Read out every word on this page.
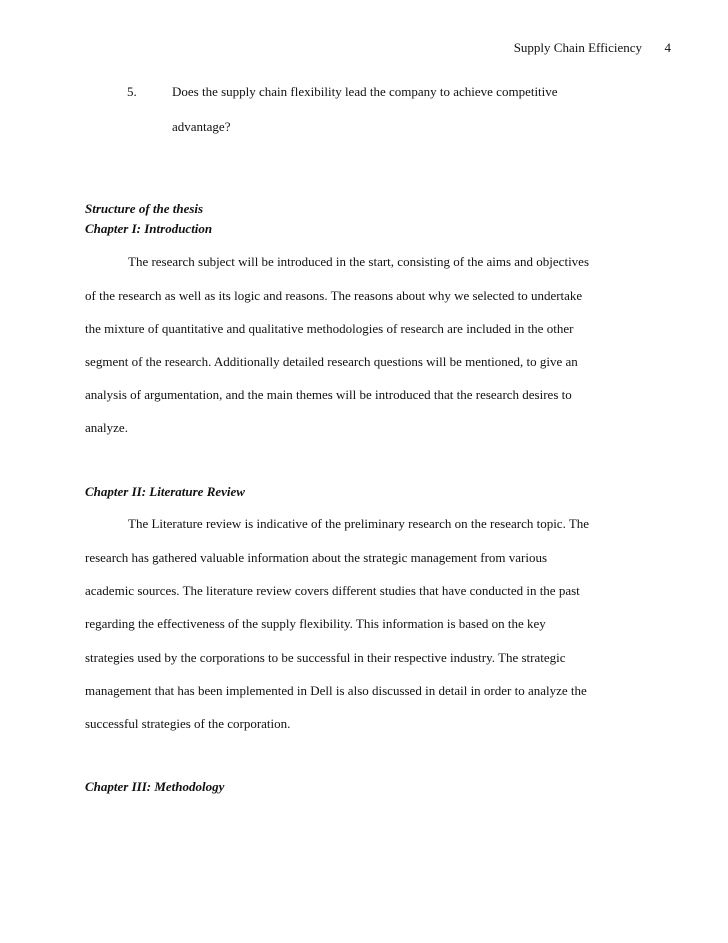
Supply Chain Efficiency 4
5.	Does the supply chain flexibility lead the company to achieve competitive
advantage?
Structure of the thesis
Chapter I: Introduction
The research subject will be introduced in the start, consisting of the aims and objectives
of the research as well as its logic and reasons. The reasons about why we selected to undertake
the mixture of quantitative and qualitative methodologies of research are included in the other
segment of the research. Additionally detailed research questions will be mentioned, to give an
analysis of argumentation, and the main themes will be introduced that the research desires to
analyze.
Chapter II: Literature Review
The Literature review is indicative of the preliminary research on the research topic. The
research has gathered valuable information about the strategic management from various
academic sources. The literature review covers different studies that have conducted in the past
regarding the effectiveness of the supply flexibility. This information is based on the key
strategies used by the corporations to be successful in their respective industry. The strategic
management that has been implemented in Dell is also discussed in detail in order to analyze the
successful strategies of the corporation.
Chapter III: Methodology
